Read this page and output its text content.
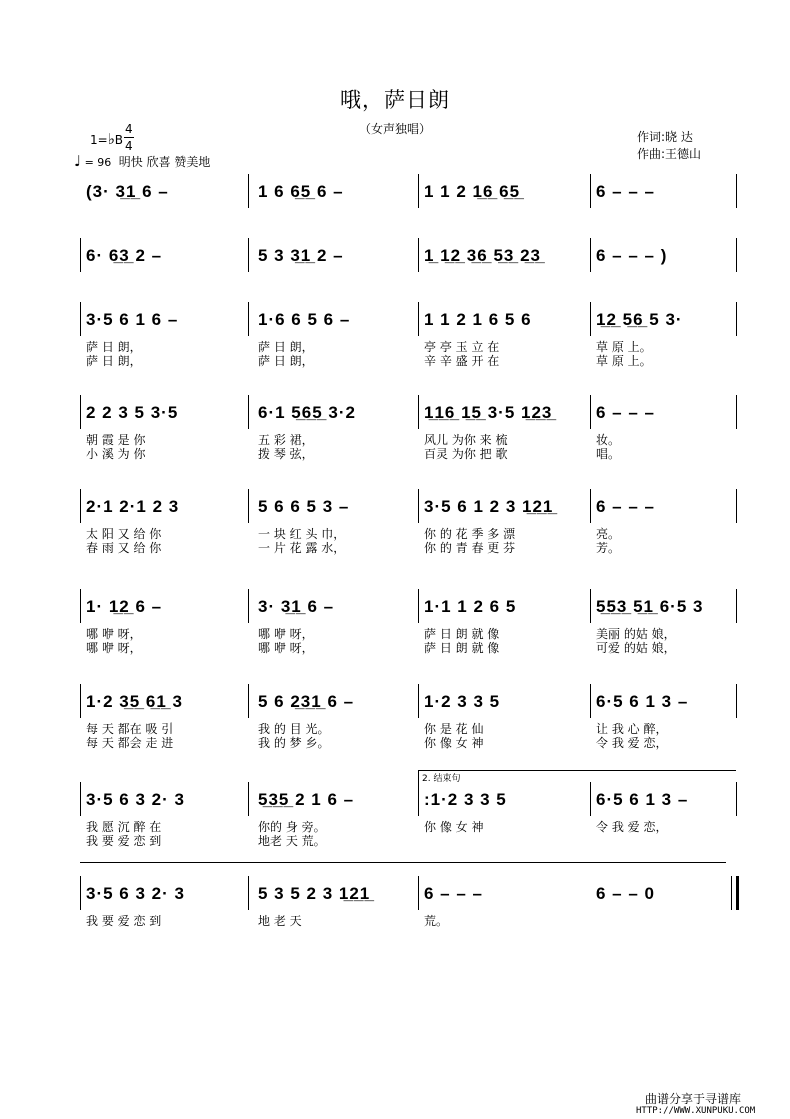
哦，萨日朗
（女声独唱）
作词:晓 达
作曲:王德山
1=♭B
4
4
♩ = 96 明快 欣喜 赞美地
2. 结束句
(3· 3̲1̲ 6 –	1 6 6̲5̲ 6 –	1 1 2 1̲6̲ 6̲5̲	6 – – –
6· 6̲3̲ 2 –	5 3 3̲1̲ 2 –	1̲ 1̲2̲ 3̲6̲ 5̲3̲ 2̲3̲	6 – – – )
3·5 6 1 6 –	1·6 6 5 6 –	1 1 2 1 6 5 6	1̲2̲ 5̲6̲ 5 3·
萨 日 朗，	萨 日 朗，	亭 亭 玉 立 在	草 原 上。
萨 日 朗，	萨 日 朗，	辛 辛 盛 开 在	草 原 上。
2 2 3 5 3·5	6·1 5̲6̲5̲ 3·2	1̲1̲6̲ 1̲5̲ 3·5 1̲2̲3̲	6 – – –
朝 霞 是 你	五 彩 裙，	风儿 为你 来 梳	妆。
小 溪 为 你	拨 琴 弦，	百灵 为你 把 歌	唱。
2·1 2·1 2 3	5 6 6 5 3 –	3·5 6 1 2 3 1̲2̲1̲	6 – – –
太 阳 又 给 你	一 块 红 头 巾，	你 的 花 季 多 漂	亮。
春 雨 又 给 你	一 片 花 露 水，	你 的 青 春 更 芬	芳。
1· 1̲2̲ 6 –	3· 3̲1̲ 6 –	1·1 1 2 6 5	5̲5̲3̲ 5̲1̲ 6·5 3
哪 咿 呀，	哪 咿 呀，	萨 日 朗 就 像	美丽 的姑 娘，
哪 咿 呀，	哪 咿 呀，	萨 日 朗 就 像	可爱 的姑 娘，
1·2 3̲5̲ 6̲1̲ 3	5 6 2̲3̲1̲ 6 –	1·2 3 3 5	6·5 6 1 3 –
每 天 都在 吸 引	我 的 目 光。	你 是 花 仙	让 我 心 醉，
每 天 都会 走 进	我 的 梦 乡。	你 像 女 神	令 我 爱 恋，
3·5 6 3 2· 3	5̲3̲5̲ 2 1 6 –	:1·2 3 3 5	6·5 6 1 3 –
我 愿 沉 醉 在	你的 身 旁。	你 像 女 神	令 我 爱 恋，
我 要 爱 恋 到	地老 天 荒。
3·5 6 3 2· 3	5 3 5 2 3 1̲2̲1̲	6 – – –	6 – – 0
我 要 爱 恋 到	地 老 天	荒。
曲谱分享于寻谱库
HTTP://WWW.XUNPUKU.COM
